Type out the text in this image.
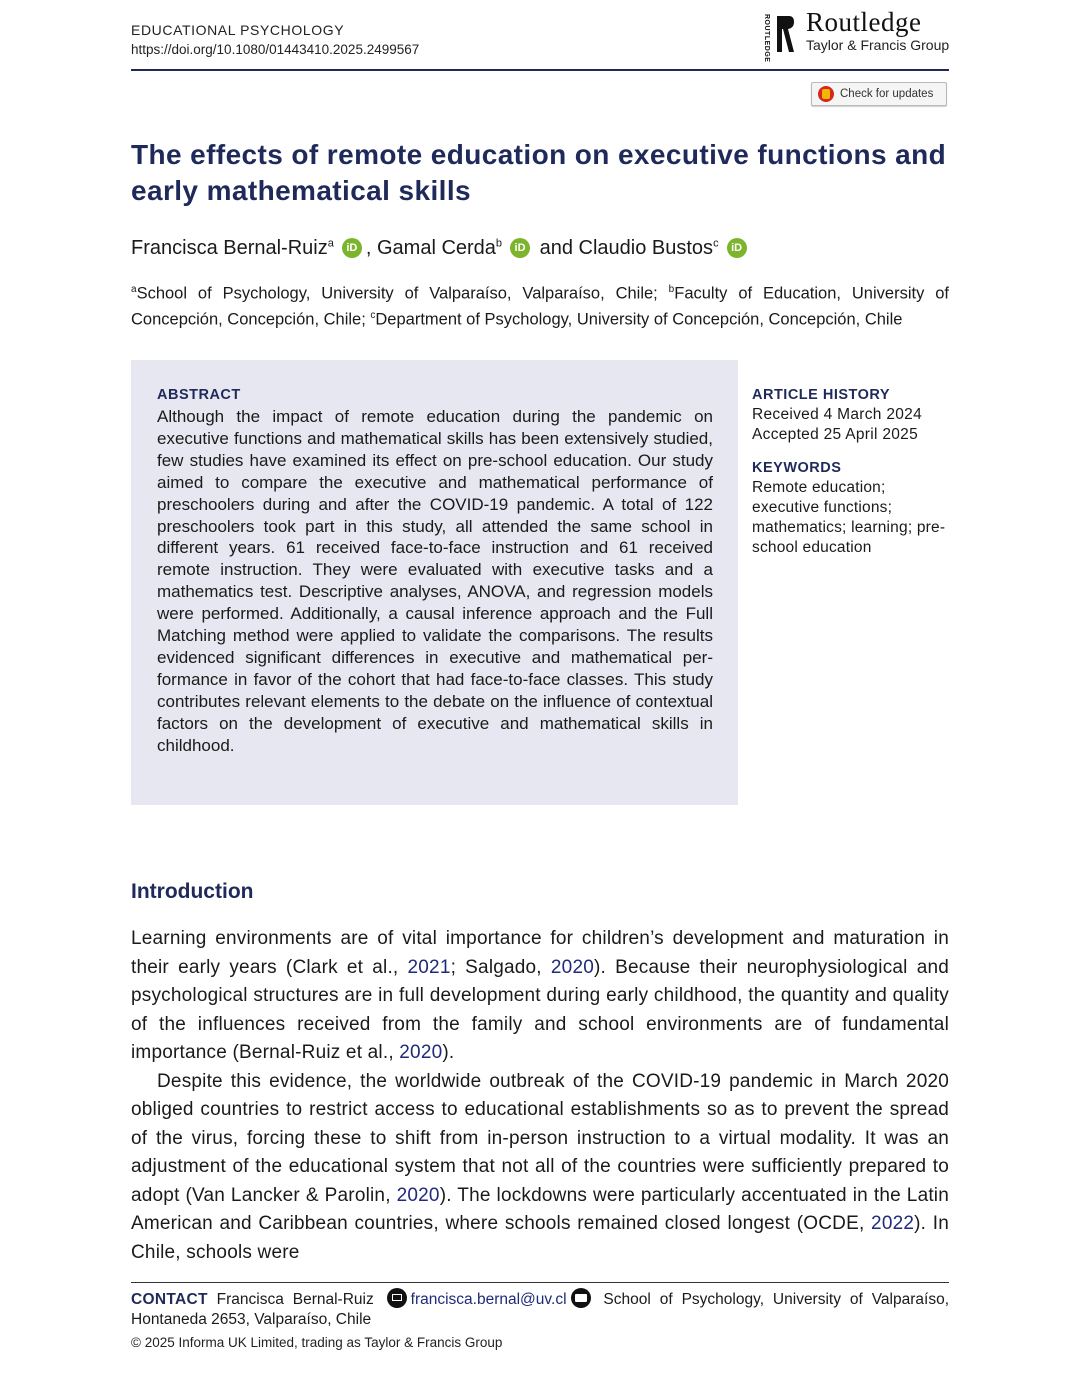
EDUCATIONAL PSYCHOLOGY
https://doi.org/10.1080/01443410.2025.2499567	ROUTLEDGE Routledge
Taylor & Francis Group
Check for updates
The effects of remote education on executive functions and early mathematical skills
Francisca Bernal-Ruiz$^a$ iD , Gamal Cerda$^b$ iD and Claudio Bustos$^c$ iD
$^a$School of Psychology, University of Valparaíso, Valparaíso, Chile; $^b$Faculty of Education, University of Concepción, Concepción, Chile; $^c$Department of Psychology, University of Concepción, Concepción, Chile
ABSTRACT
Although the impact of remote education during the pandemic on executive functions and mathematical skills has been extensively studied, few studies have examined its effect on pre-school education. Our study aimed to compare the executive and mathematical performance of preschoolers during and after the COVID-19 pandemic. A total of 122 preschoolers took part in this study, all attended the same school in different years. 61 received face-to-face instruction and 61 received remote instruction. They were evaluated with executive tasks and a mathematics test. Descriptive analyses, ANOVA, and regression models were performed. Additionally, a causal inference approach and the Full Matching method were applied to validate the comparisons. The results evidenced significant differences in executive and mathematical performance in favor of the cohort that had face-to-face classes. This study contributes relevant elements to the debate on the influence of contextual factors on the development of executive and mathematical skills in childhood.
ARTICLE HISTORY
Received 4 March 2024
Accepted 25 April 2025
KEYWORDS
Remote education; executive functions; mathematics; learning; pre-school education
Introduction

Learning environments are of vital importance for children’s development and maturation in their early years (Clark et al., 2021; Salgado, 2020). Because their neurophysiological and psychological structures are in full development during early childhood, the quantity and quality of the influences received from the family and school environments are of fundamental importance (Bernal-Ruiz et al., 2020).

Despite this evidence, the worldwide outbreak of the COVID-19 pandemic in March 2020 obliged countries to restrict access to educational establishments so as to prevent the spread of the virus, forcing these to shift from in-person instruction to a virtual modality. It was an adjustment of the educational system that not all of the countries were sufficiently prepared to adopt (Van Lancker & Parolin, 2020). The lockdowns were particularly accentuated in the Latin American and Caribbean countries, where schools remained closed longest (OCDE, 2022). In Chile, schools were

CONTACT Francisca Bernal-Ruiz francisca.bernal@uv.cl School of Psychology, University of Valparaíso, Hontaneda 2653, Valparaíso, Chile
© 2025 Informa UK Limited, trading as Taylor & Francis Group
